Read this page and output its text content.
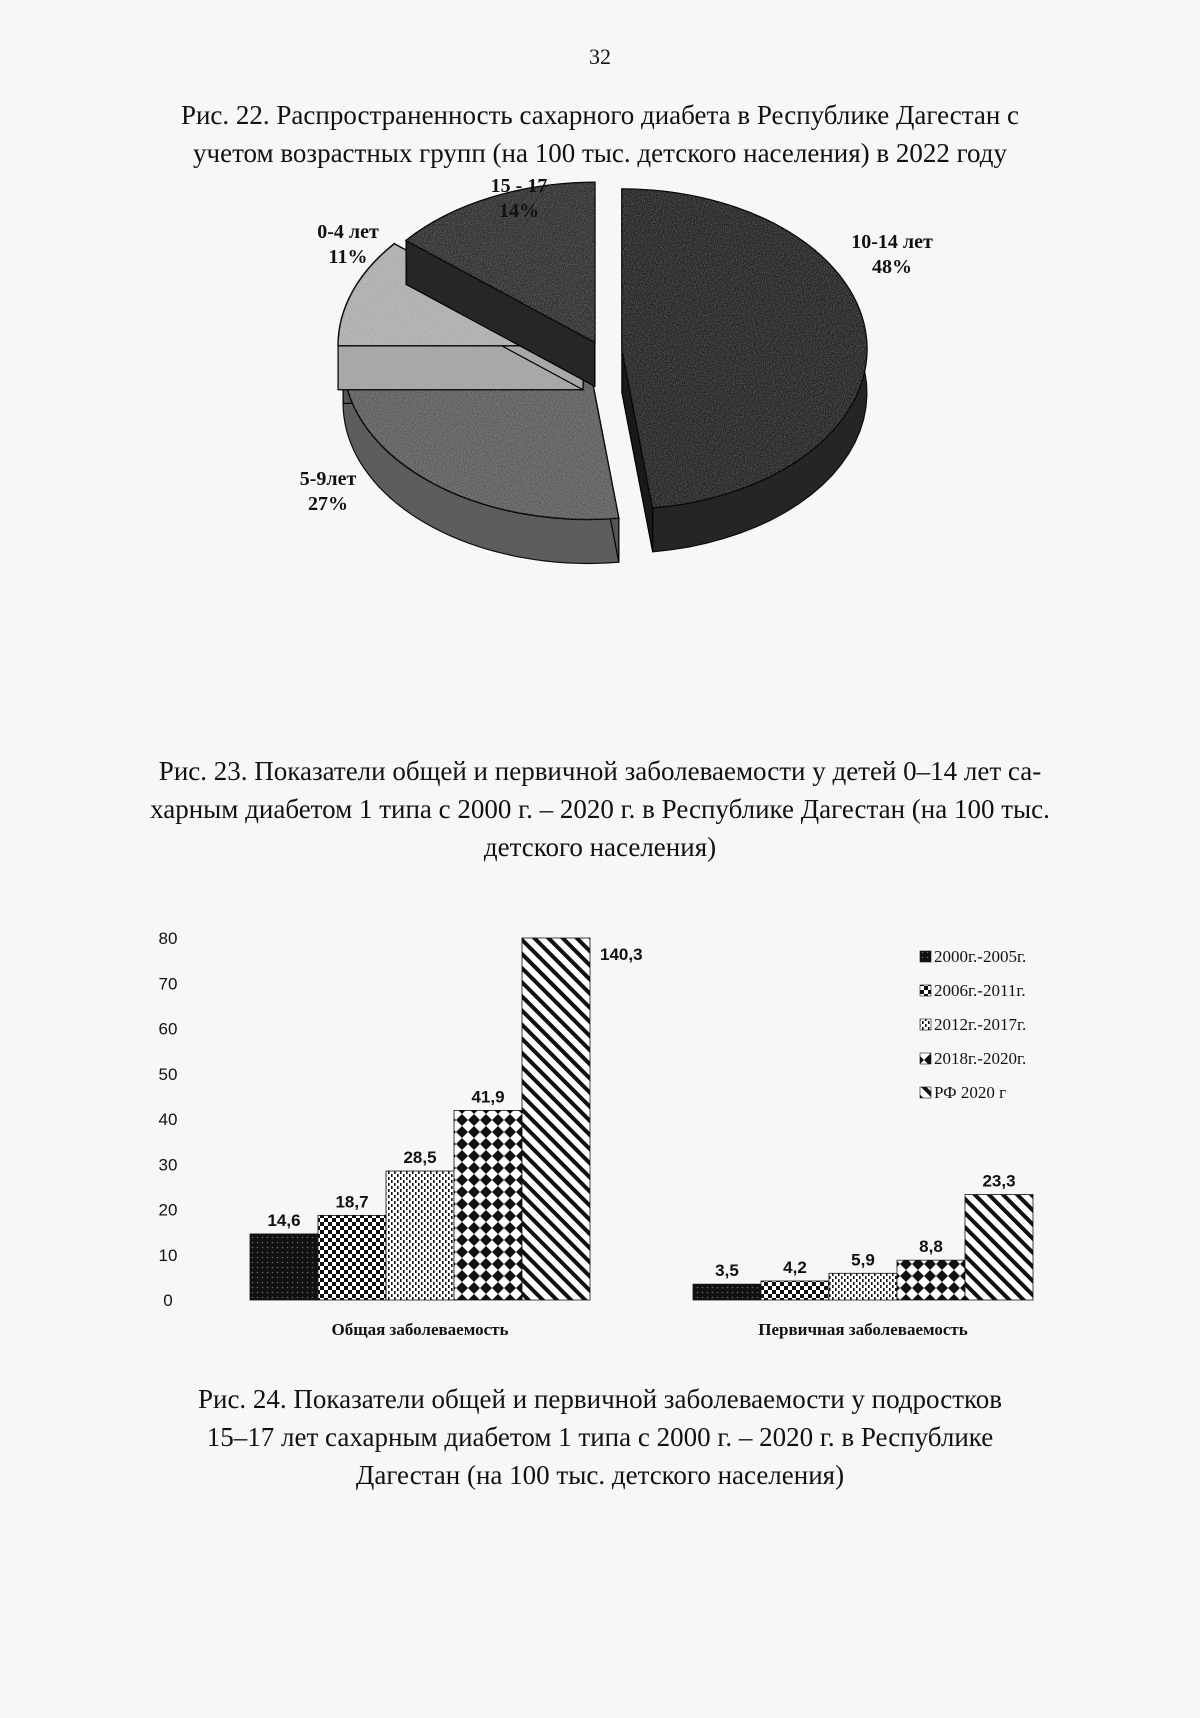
32
Рис. 22. Распространенность сахарного диабета в Республике Дагестан с
учетом возрастных групп (на 100 тыс. детского населения) в 2022 году
10-14 лет
48%
5-9лет
27%
0-4 лет
11%
15 - 17
14%
Рис. 23. Показатели общей и первичной заболеваемости у детей 0–14 лет са-
харным диабетом 1 типа с 2000 г. – 2020 г. в Республике Дагестан (на 100 тыс.
детского населения)
0
10
20
30
40
50
60
70
80
14,6
18,7
28,5
41,9
140,3
3,5	4,2	5,9
8,8
23,3
Общая заболеваемость	Первичная заболеваемость
2000г.-2005г.
2006г.-2011г.
2012г.-2017г.
2018г.-2020г.
РФ 2020 г
Рис. 24. Показатели общей и первичной заболеваемости у подростков
15–17 лет сахарным диабетом 1 типа с 2000 г. – 2020 г. в Республике
Дагестан (на 100 тыс. детского населения)
